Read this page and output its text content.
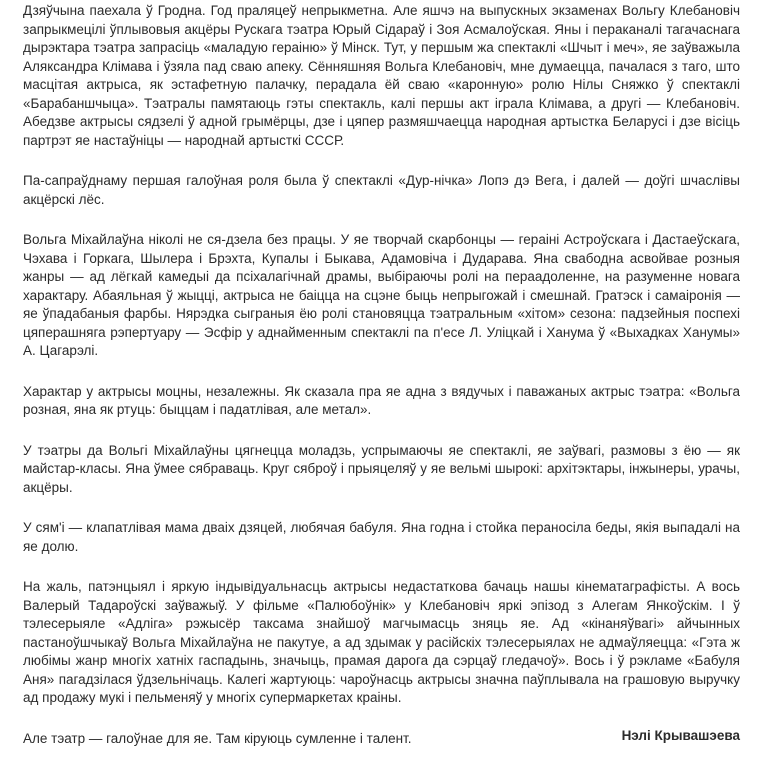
Дзяўчына паехала ў Гродна. Год праляцеў непрыкметна. Але яшчэ на выпускных экзаменах Вольгу Клебановіч запрыкмецілі ўплывовыя акцёры Рускага тэатра Юрый Сідараў і Зоя Асмалоўская. Яны і пераканалі тагачаснага дырэктара тэатра запрасіць «маладую гераіню» ў Мінск. Тут, у першым жа спектаклі «Шчыт і меч», яе заўважыла Аляксандра Клімава і ўзяла пад сваю апеку. Сённяшняя Вольга Клебановіч, мне думаецца, пачалася з таго, што масцітая актрыса, як эстафетную палачку, перадала ёй сваю «каронную» ролю Нілы Сняжко ў спектаклі «Барабаншчыца». Тэатралы памятаюць гэты спектакль, калі першы акт іграла Клімава, а другі — Клебановіч. Абедзве актрысы сядзелі ў адной грымёрцы, дзе і цяпер размяшчаецца народная артыстка Беларусі і дзе вісіць партрэт яе настаўніцы — народнай артысткі СССР.

Па-сапраўднаму першая галоўная роля была ў спектаклі «Дур-нічка» Лопэ дэ Вега, і далей — доўгі шчаслівы акцёрскі лёс.

Вольга Міхайлаўна ніколі не ся-дзела без працы. У яе творчай скарбонцы — гераіні Астроўскага і Дастаеўскага, Чэхава і Горкага, Шылера і Брэхта, Купалы і Быкава, Адамовіча і Дударава. Яна свабодна асвойвае розныя жанры — ад лёгкай камедыі да псіхалагічнай драмы, выбіраючы ролі на пераадоленне, на разуменне новага характару. Абаяльная ў жыцці, актрыса не баіцца на сцэне быць непрыгожай і смешнай. Гратэск і самаіронія — яе ўпадабаныя фарбы. Нярэдка сыграныя ёю ролі становяцца тэатральным «хітом» сезона: падзейныя поспехі цяперашняга рэпертуару — Эсфір у аднайменным спектаклі па п'есе Л. Уліцкай і Ханума ў «Выхадках Ханумы» А. Цагарэлі.

Характар у актрысы моцны, незалежны. Як сказала пра яе адна з вядучых і паважаных актрыс тэатра: «Вольга розная, яна як ртуць: быццам і падатлівая, але метал».

У тэатры да Вольгі Міхайлаўны цягнецца моладзь, успрымаючы яе спектаклі, яе заўвагі, размовы з ёю — як майстар-класы. Яна ўмее сябраваць. Круг сяброў і прыяцеляў у яе вельмі шырокі: архітэктары, інжынеры, урачы, акцёры.

У сям'і — клапатлівая мама дваіх дзяцей, любячая бабуля. Яна годна і стойка пераносіла беды, якія выпадалі на яе долю.

На жаль, патэнцыял і яркую індывідуальнасць актрысы недастаткова бачаць нашы кінематаграфісты. А вось Валерый Тадароўскі заўважыў. У фільме «Палюбоўнік» у Клебановіч яркі эпізод з Алегам Янкоўскім. І ў тэлесерыяле «Адліга» рэжысёр таксама знайшоў магчымасць зняць яе. Ад «кінаняўвагі» айчынных пастаноўшчыкаў Вольга Міхайлаўна не пакутуе, а ад здымак у расійскіх тэлесерыялах не адмаўляецца: «Гэта ж любімы жанр многіх хатніх гаспадынь, значыць, прамая дарога да сэрцаў гледачоў». Вось і ў рэкламе «Бабуля Аня» пагадзілася ўдзельнічаць. Калегі жартуюць: чароўнасць актрысы значна паўплывала на грашовую выручку ад продажу мукі і пельменяў у многіх супермаркетах краіны.

Але тэатр — галоўнае для яе. Там кіруюць сумленне і талент.	Нэлі Крывашэева
